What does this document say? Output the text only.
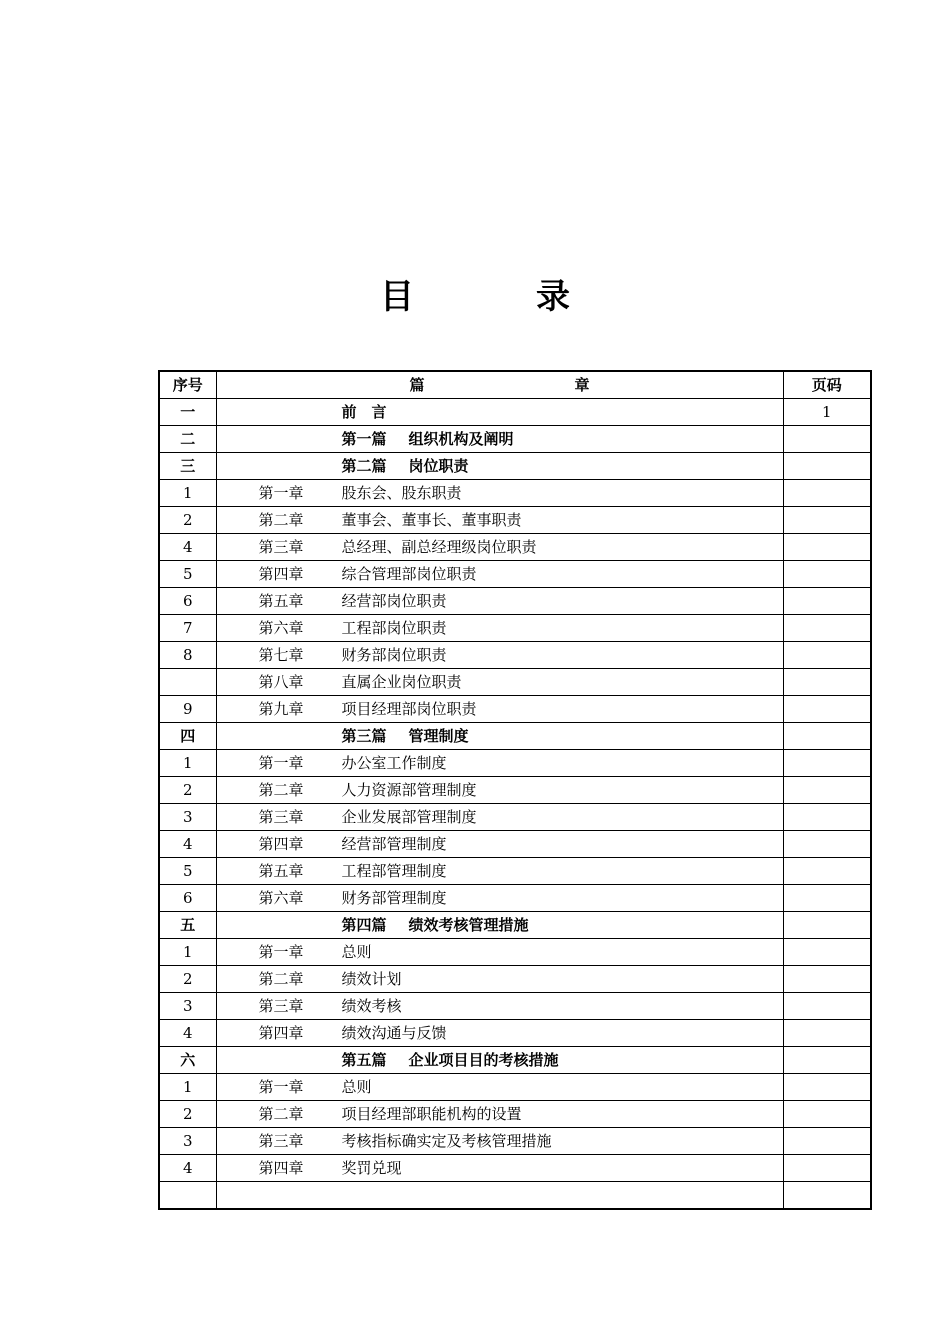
目　录
序号	篇　　章	页码
一	前　言	1
二	第一篇 组织机构及阐明	
三	第二篇 岗位职责	
1	第一章 股东会、股东职责	
2	第二章 董事会、董事长、董事职责	
4	第三章 总经理、副总经理级岗位职责	
5	第四章 综合管理部岗位职责	
6	第五章 经营部岗位职责	
7	第六章 工程部岗位职责	
8	第七章 财务部岗位职责	
	第八章 直属企业岗位职责	
9	第九章 项目经理部岗位职责	
四	第三篇 管理制度	
1	第一章 办公室工作制度	
2	第二章 人力资源部管理制度	
3	第三章 企业发展部管理制度	
4	第四章 经营部管理制度	
5	第五章 工程部管理制度	
6	第六章 财务部管理制度	
五	第四篇 绩效考核管理措施	
1	第一章 总则	
2	第二章 绩效计划	
3	第三章 绩效考核	
4	第四章 绩效沟通与反馈	
六	第五篇 企业项目目的考核措施	
1	第一章 总则	
2	第二章 项目经理部职能机构的设置	
3	第三章 考核指标确实定及考核管理措施	
4	第四章 奖罚兑现	
